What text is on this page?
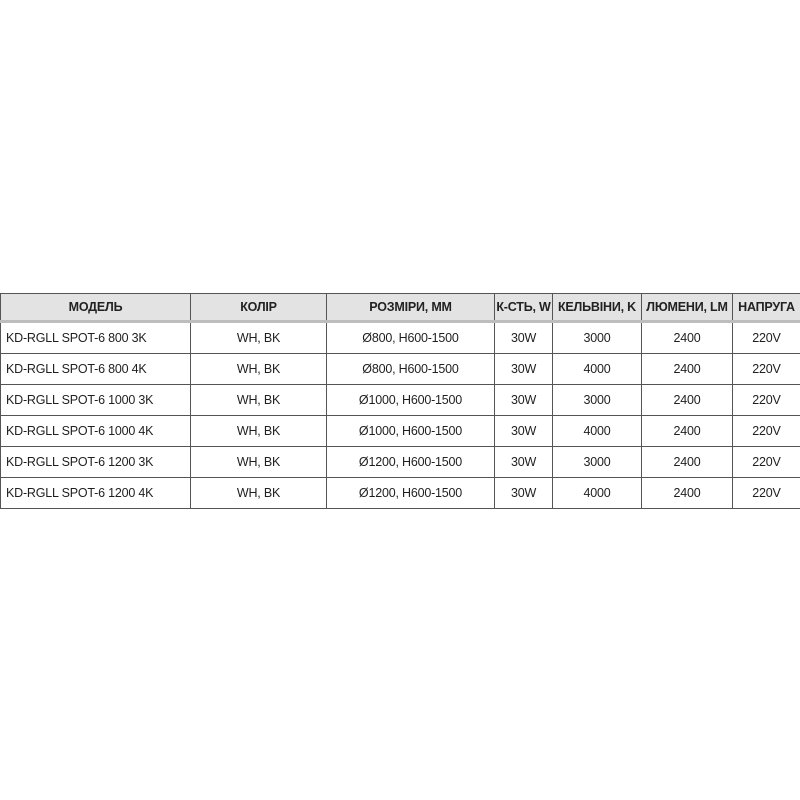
МОДЕЛЬ	КОЛІР	РОЗМІРИ, ММ	К-СТЬ, W	КЕЛЬВІНИ, K	ЛЮМЕНИ, LM	НАПРУГА
KD-RGLL SPOT-6 800 3K	WH, BK	Ø800, H600-1500	30W	3000	2400	220V
KD-RGLL SPOT-6 800 4K	WH, BK	Ø800, H600-1500	30W	4000	2400	220V
KD-RGLL SPOT-6 1000 3K	WH, BK	Ø1000, H600-1500	30W	3000	2400	220V
KD-RGLL SPOT-6 1000 4K	WH, BK	Ø1000, H600-1500	30W	4000	2400	220V
KD-RGLL SPOT-6 1200 3K	WH, BK	Ø1200, H600-1500	30W	3000	2400	220V
KD-RGLL SPOT-6 1200 4K	WH, BK	Ø1200, H600-1500	30W	4000	2400	220V
